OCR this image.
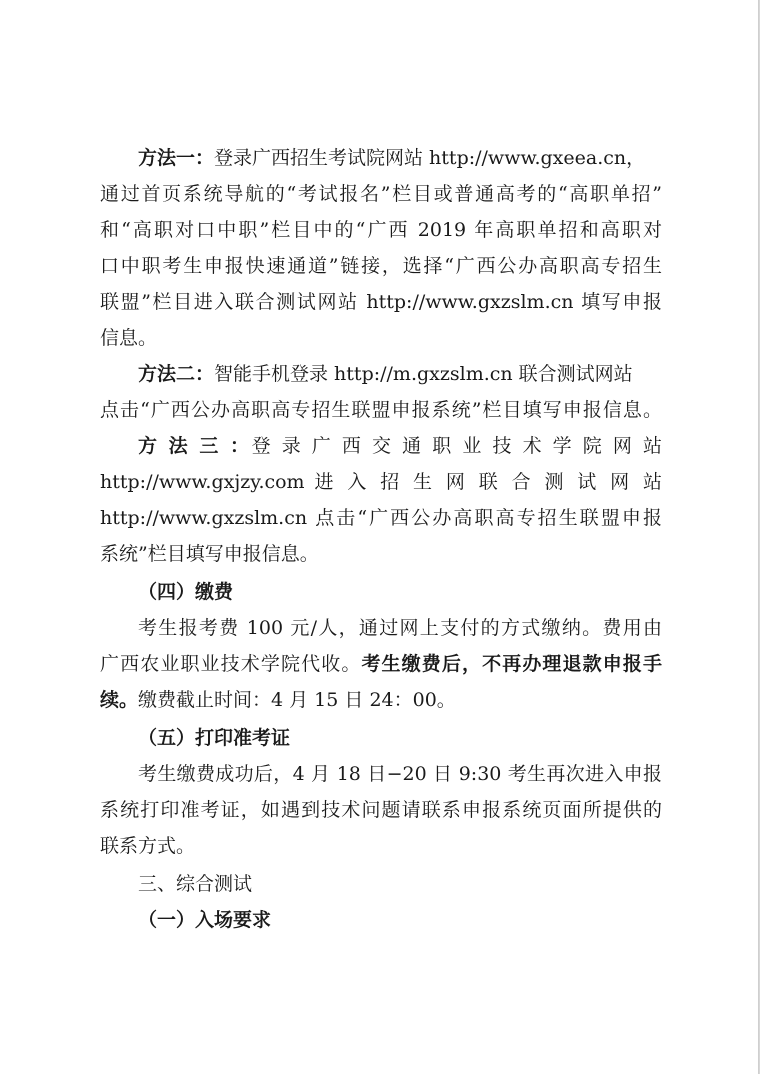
方法一：登录广西招生考试院网站 http://www.gxeea.cn，

通过首页系统导航的“考试报名”栏目或普通高考的“高职单招”

和“高职对口中职”栏目中的“广西 2019 年高职单招和高职对

口中职考生申报快速通道”链接，选择“广西公办高职高专招生

联盟”栏目进入联合测试网站 http://www.gxzslm.cn 填写申报

信息。

方法二：智能手机登录 http://m.gxzslm.cn 联合测试网站

点击“广西公办高职高专招生联盟申报系统”栏目填写申报信息。

方 法 三 ：登 录 广 西 交 通 职 业 技 术 学 院 网 站

http://www.gxjzy.com 进 入 招 生 网 联 合 测 试 网 站

http://www.gxzslm.cn 点击“广西公办高职高专招生联盟申报

系统”栏目填写申报信息。

（四）缴费

考生报考费 100 元/人，通过网上支付的方式缴纳。费用由

广西农业职业技术学院代收。考生缴费后，不再办理退款申报手

续。缴费截止时间：4 月 15 日 24：00。

（五）打印准考证

考生缴费成功后，4 月 18 日−20 日 9:30 考生再次进入申报

系统打印准考证，如遇到技术问题请联系申报系统页面所提供的

联系方式。

三、综合测试

（一）入场要求
